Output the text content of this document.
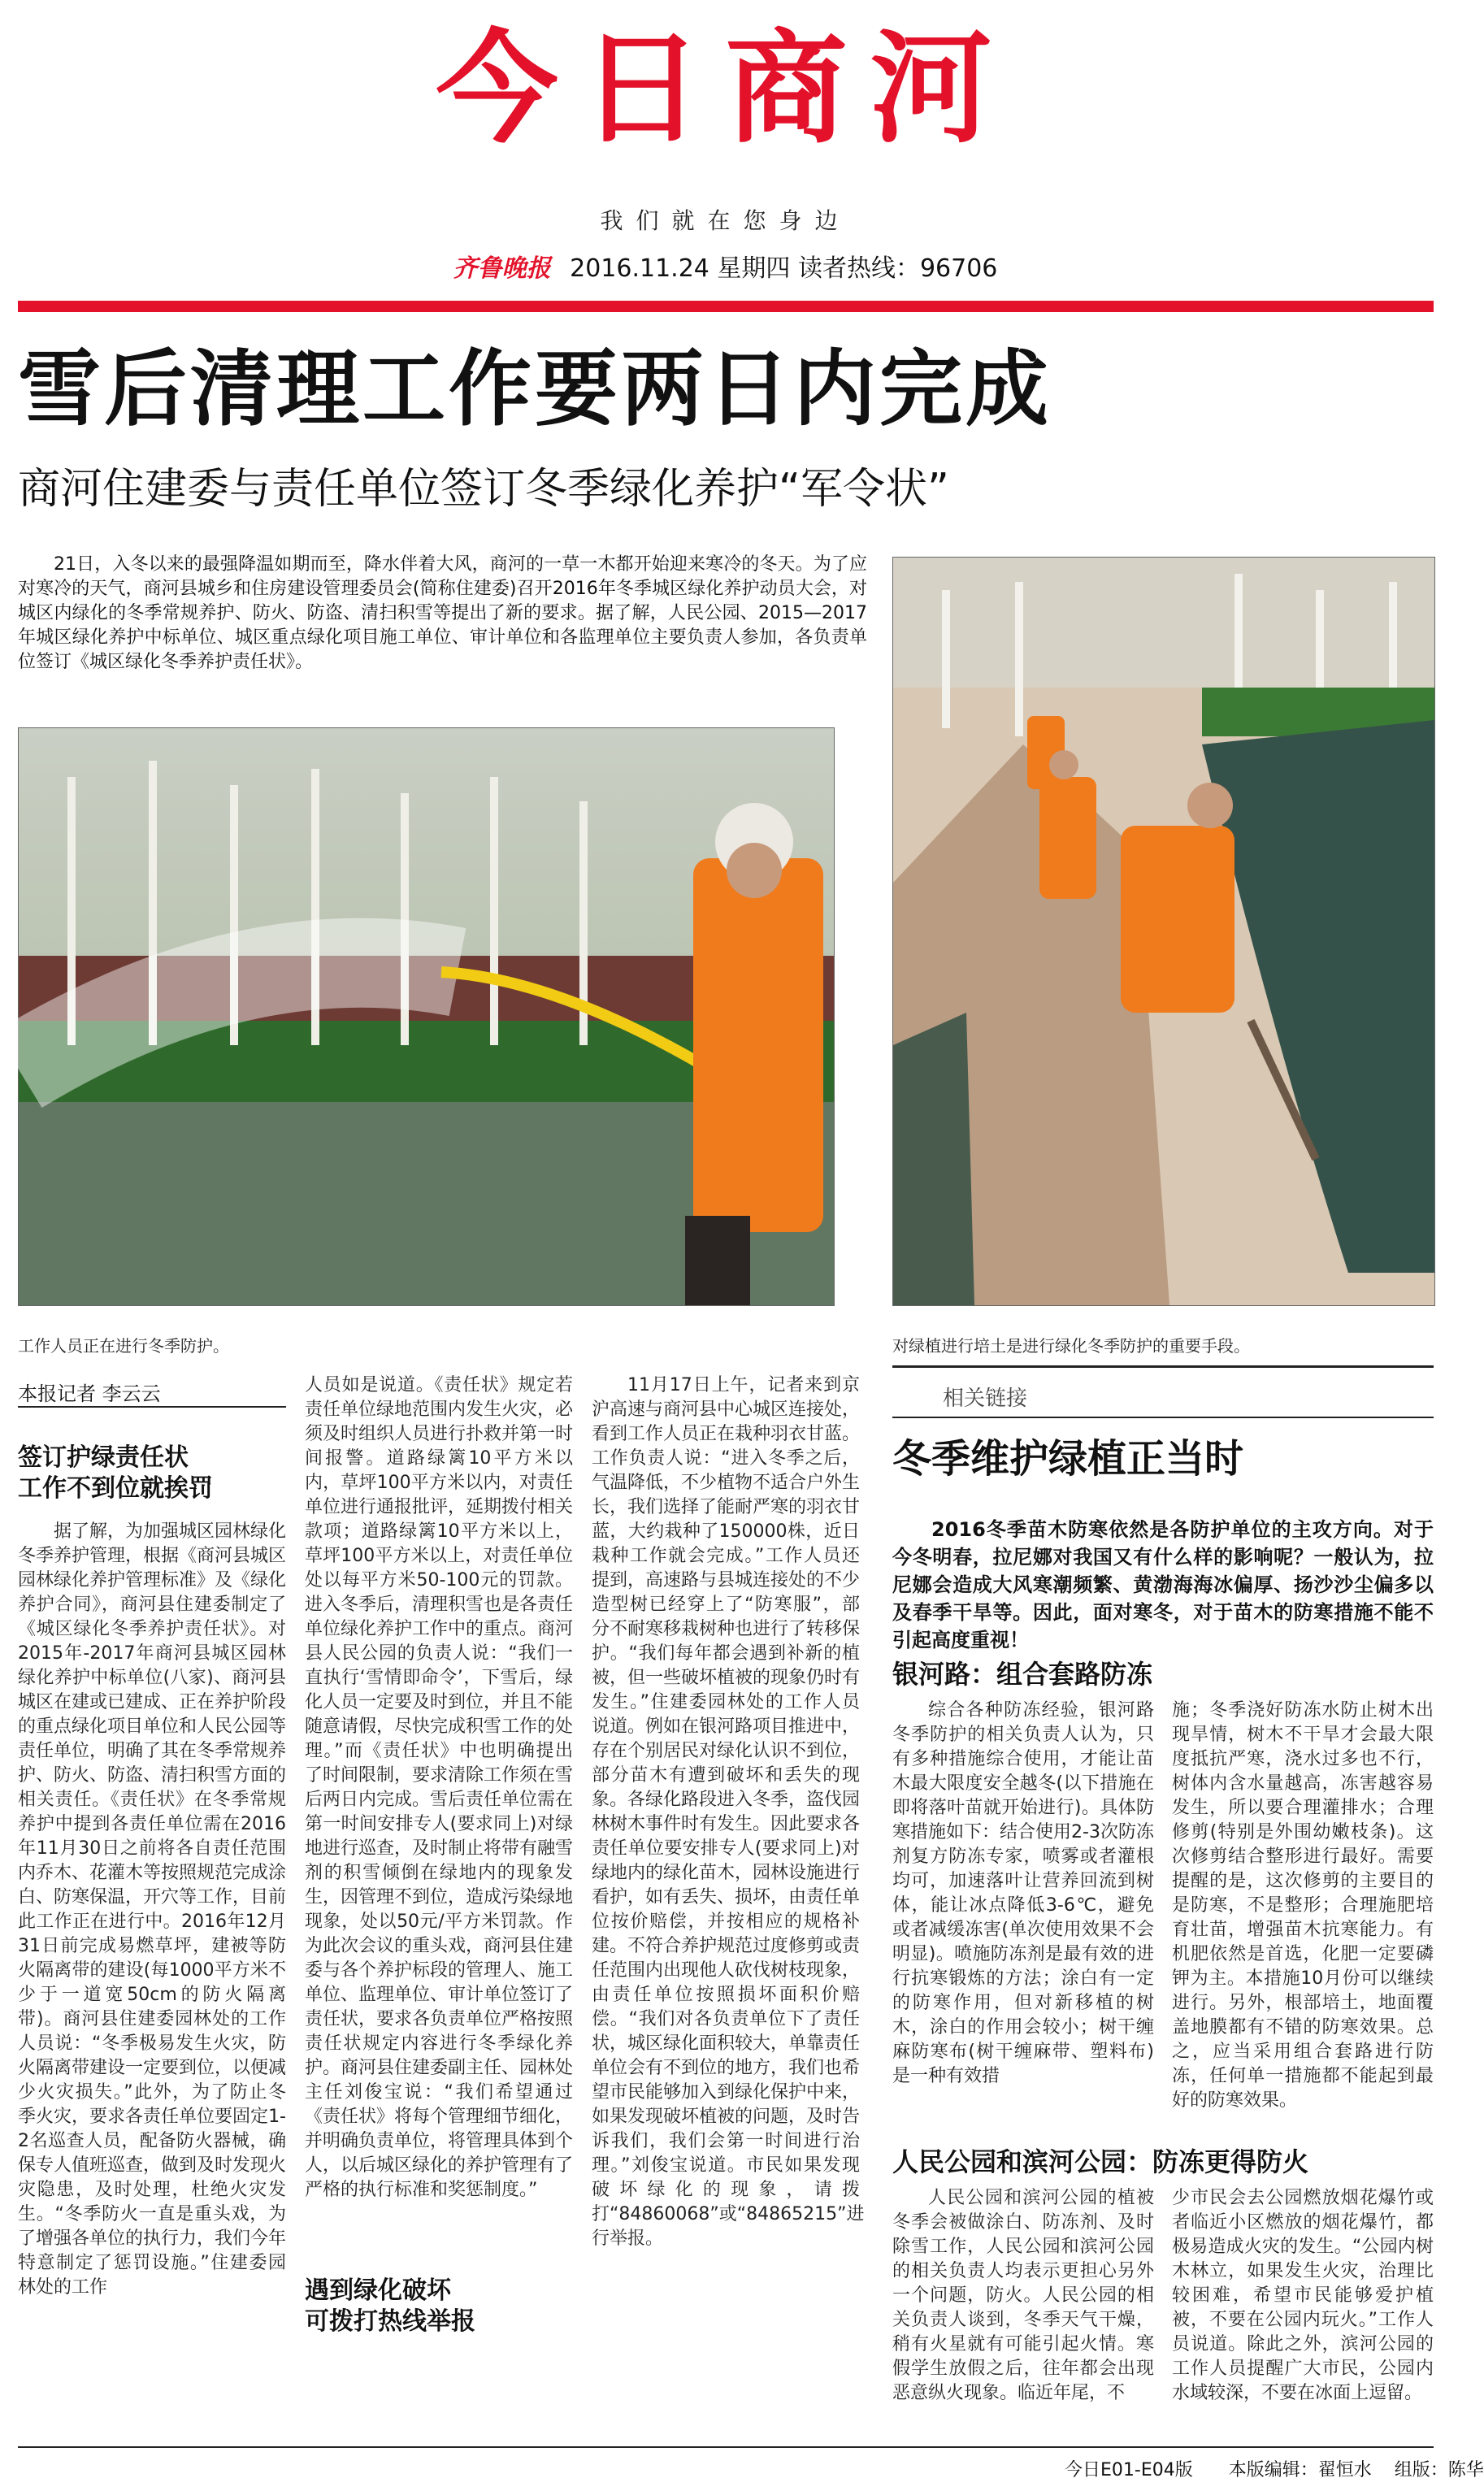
今日商河
我们就在您身边
齐鲁晚报 2016.11.24 星期四 读者热线：96706
雪后清理工作要两日内完成
商河住建委与责任单位签订冬季绿化养护“军令状”

21日，入冬以来的最强降温如期而至，降水伴着大风，商河的一草一木都开始迎来寒冷的冬天。为了应对寒冷的天气，商河县城乡和住房建设管理委员会(简称住建委)召开2016年冬季城区绿化养护动员大会，对城区内绿化的冬季常规养护、防火、防盗、清扫积雪等提出了新的要求。据了解，人民公园、2015—2017年城区绿化养护中标单位、城区重点绿化项目施工单位、审计单位和各监理单位主要负责人参加，各负责单位签订《城区绿化冬季养护责任状》。

工作人员正在进行冬季防护。	对绿植进行培土是进行绿化冬季防护的重要手段。
本报记者 李云云
签订护绿责任状
工作不到位就挨罚

据了解，为加强城区园林绿化冬季养护管理，根据《商河县城区园林绿化养护管理标准》及《绿化养护合同》，商河县住建委制定了《城区绿化冬季养护责任状》。对2015年-2017年商河县城区园林绿化养护中标单位(八家)、商河县城区在建或已建成、正在养护阶段的重点绿化项目单位和人民公园等责任单位，明确了其在冬季常规养护、防火、防盗、清扫积雪方面的相关责任。《责任状》在冬季常规养护中提到各责任单位需在2016年11月30日之前将各自责任范围内乔木、花灌木等按照规范完成涂白、防寒保温，开穴等工作，目前此工作正在进行中。2016年12月31日前完成易燃草坪，建被等防火隔离带的建设(每1000平方米不少于一道宽50cm的防火隔离带)。商河县住建委园林处的工作人员说：“冬季极易发生火灾，防火隔离带建设一定要到位，以便减少火灾损失。”此外，为了防止冬季火灾，要求各责任单位要固定1-2名巡查人员，配备防火器械，确保专人值班巡查，做到及时发现火灾隐患，及时处理，杜绝火灾发生。“冬季防火一直是重头戏，为了增强各单位的执行力，我们今年特意制定了惩罚设施。”住建委园林处的工作

人员如是说道。《责任状》规定若责任单位绿地范围内发生火灾，必须及时组织人员进行扑救并第一时间报警。道路绿篱10平方米以内，草坪100平方米以内，对责任单位进行通报批评，延期拨付相关款项；道路绿篱10平方米以上，草坪100平方米以上，对责任单位处以每平方米50-100元的罚款。进入冬季后，清理积雪也是各责任单位绿化养护工作中的重点。商河县人民公园的负责人说：“我们一直执行‘雪情即命令’，下雪后，绿化人员一定要及时到位，并且不能随意请假，尽快完成积雪工作的处理。”而《责任状》中也明确提出了时间限制，要求清除工作须在雪后两日内完成。雪后责任单位需在第一时间安排专人(要求同上)对绿地进行巡查，及时制止将带有融雪剂的积雪倾倒在绿地内的现象发生，因管理不到位，造成污染绿地现象，处以50元/平方米罚款。作为此次会议的重头戏，商河县住建委与各个养护标段的管理人、施工单位、监理单位、审计单位签订了责任状，要求各负责单位严格按照责任状规定内容进行冬季绿化养护。商河县住建委副主任、园林处主任刘俊宝说：“我们希望通过《责任状》将每个管理细节细化，并明确负责单位，将管理具体到个人，以后城区绿化的养护管理有了严格的执行标准和奖惩制度。”

遇到绿化破坏
可拨打热线举报

11月17日上午，记者来到京沪高速与商河县中心城区连接处，看到工作人员正在栽种羽衣甘蓝。工作负责人说：“进入冬季之后，气温降低，不少植物不适合户外生长，我们选择了能耐严寒的羽衣甘蓝，大约栽种了150000株，近日栽种工作就会完成。”工作人员还提到，高速路与县城连接处的不少造型树已经穿上了“防寒服”，部分不耐寒移栽树种也进行了转移保护。“我们每年都会遇到补新的植被，但一些破坏植被的现象仍时有发生。”住建委园林处的工作人员说道。例如在银河路项目推进中，存在个别居民对绿化认识不到位，部分苗木有遭到破坏和丢失的现象。各绿化路段进入冬季，盗伐园林树木事件时有发生。因此要求各责任单位要安排专人(要求同上)对绿地内的绿化苗木，园林设施进行看护，如有丢失、损坏，由责任单位按价赔偿，并按相应的规格补建。不符合养护规范过度修剪或责任范围内出现他人砍伐树枝现象，由责任单位按照损坏面积价赔偿。“我们对各负责单位下了责任状，城区绿化面积较大，单靠责任单位会有不到位的地方，我们也希望市民能够加入到绿化保护中来，如果发现破坏植被的问题，及时告诉我们，我们会第一时间进行治理。”刘俊宝说道。市民如果发现破坏绿化的现象，请拨打“84860068”或“84865215”进行举报。

相关链接
冬季维护绿植正当时

2016冬季苗木防寒依然是各防护单位的主攻方向。对于今冬明春，拉尼娜对我国又有什么样的影响呢？一般认为，拉尼娜会造成大风寒潮频繁、黄渤海海冰偏厚、扬沙沙尘偏多以及春季干旱等。因此，面对寒冬，对于苗木的防寒措施不能不引起高度重视！

银河路：组合套路防冻

综合各种防冻经验，银河路冬季防护的相关负责人认为，只有多种措施综合使用，才能让苗木最大限度安全越冬(以下措施在即将落叶苗就开始进行)。具体防寒措施如下：结合使用2-3次防冻剂复方防冻专家，喷雾或者灌根均可，加速落叶让营养回流到树体，能让冰点降低3-6℃，避免或者减缓冻害(单次使用效果不会明显)。喷施防冻剂是最有效的进行抗寒锻炼的方法；涂白有一定的防寒作用，但对新移植的树木，涂白的作用会较小；树干缠麻防寒布(树干缠麻带、塑料布)是一种有效措

施；冬季浇好防冻水防止树木出现旱情，树木不干旱才会最大限度抵抗严寒，浇水过多也不行，树体内含水量越高，冻害越容易发生，所以要合理灌排水；合理修剪(特别是外围幼嫩枝条)。这次修剪结合整形进行最好。需要提醒的是，这次修剪的主要目的是防寒，不是整形；合理施肥培育壮苗，增强苗木抗寒能力。有机肥依然是首选，化肥一定要磷钾为主。本措施10月份可以继续进行。另外，根部培土，地面覆盖地膜都有不错的防寒效果。总之，应当采用组合套路进行防冻，任何单一措施都不能起到最好的防寒效果。

人民公园和滨河公园：防冻更得防火

人民公园和滨河公园的植被冬季会被做涂白、防冻剂、及时除雪工作，人民公园和滨河公园的相关负责人均表示更担心另外一个问题，防火。人民公园的相关负责人谈到，冬季天气干燥，稍有火星就有可能引起火情。寒假学生放假之后，往年都会出现恶意纵火现象。临近年尾，不

少市民会去公园燃放烟花爆竹或者临近小区燃放的烟花爆竹，都极易造成火灾的发生。“公园内树木林立，如果发生火灾，治理比较困难，希望市民能够爱护植被，不要在公园内玩火。”工作人员说道。除此之外，滨河公园的工作人员提醒广大市民，公园内水域较深，不要在冰面上逗留。

今日E01-E04版 本版编辑：翟恒水 组版：陈华
